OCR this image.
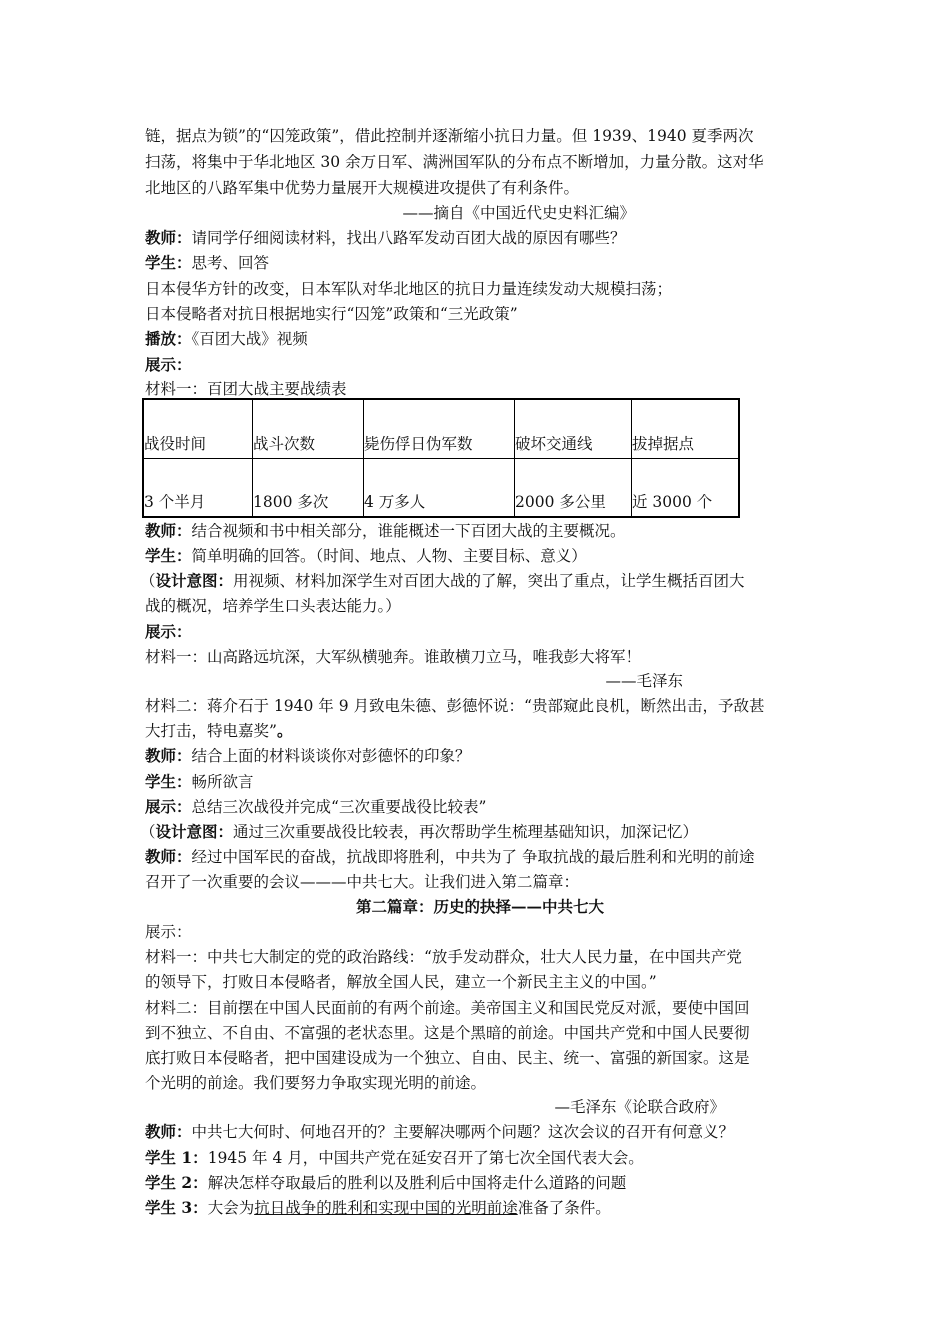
链，据点为锁”的“囚笼政策”，借此控制并逐渐缩小抗日力量。但 1939、1940 夏季两次
扫荡，将集中于华北地区 30 余万日军、满洲国军队的分布点不断增加，力量分散。这对华
北地区的八路军集中优势力量展开大规模进攻提供了有利条件。
——摘自《中国近代史史料汇编》
教师：请同学仔细阅读材料，找出八路军发动百团大战的原因有哪些？
学生：思考、回答
日本侵华方针的改变，日本军队对华北地区的抗日力量连续发动大规模扫荡；
日本侵略者对抗日根据地实行“囚笼”政策和“三光政策”
播放：《百团大战》视频
展示：
材料一：百团大战主要战绩表
战役时间	战斗次数	毙伤俘日伪军数	破坏交通线	拔掉据点
3 个半月	1800 多次	4 万多人	2000 多公里	近 3000 个
教师：结合视频和书中相关部分，谁能概述一下百团大战的主要概况。
学生：简单明确的回答。（时间、地点、人物、主要目标、意义）
（设计意图：用视频、材料加深学生对百团大战的了解，突出了重点，让学生概括百团大
战的概况，培养学生口头表达能力。）
展示：
材料一：山高路远坑深，大军纵横驰奔。谁敢横刀立马，唯我彭大将军！
——毛泽东
材料二：蒋介石于 1940 年 9 月致电朱德、彭德怀说：“贵部窥此良机，断然出击，予敌甚
大打击，特电嘉奖”。
教师：结合上面的材料谈谈你对彭德怀的印象？
学生：畅所欲言
展示：总结三次战役并完成“三次重要战役比较表”
（设计意图：通过三次重要战役比较表，再次帮助学生梳理基础知识，加深记忆）
教师：经过中国军民的奋战，抗战即将胜利，中共为了 争取抗战的最后胜利和光明的前途
召开了一次重要的会议———中共七大。让我们进入第二篇章：
第二篇章：历史的抉择——中共七大
展示：
材料一：中共七大制定的党的政治路线：“放手发动群众，壮大人民力量，在中国共产党
的领导下，打败日本侵略者，解放全国人民，建立一个新民主主义的中国。”
材料二：目前摆在中国人民面前的有两个前途。美帝国主义和国民党反对派，要使中国回
到不独立、不自由、不富强的老状态里。这是个黑暗的前途。中国共产党和中国人民要彻
底打败日本侵略者，把中国建设成为一个独立、自由、民主、统一、富强的新国家。这是
个光明的前途。我们要努力争取实现光明的前途。
—毛泽东《论联合政府》
教师：中共七大何时、何地召开的？主要解决哪两个问题？这次会议的召开有何意义？
学生 1：1945 年 4 月，中国共产党在延安召开了第七次全国代表大会。
学生 2：解决怎样夺取最后的胜利以及胜利后中国将走什么道路的问题
学生 3：大会为抗日战争的胜利和实现中国的光明前途准备了条件。
